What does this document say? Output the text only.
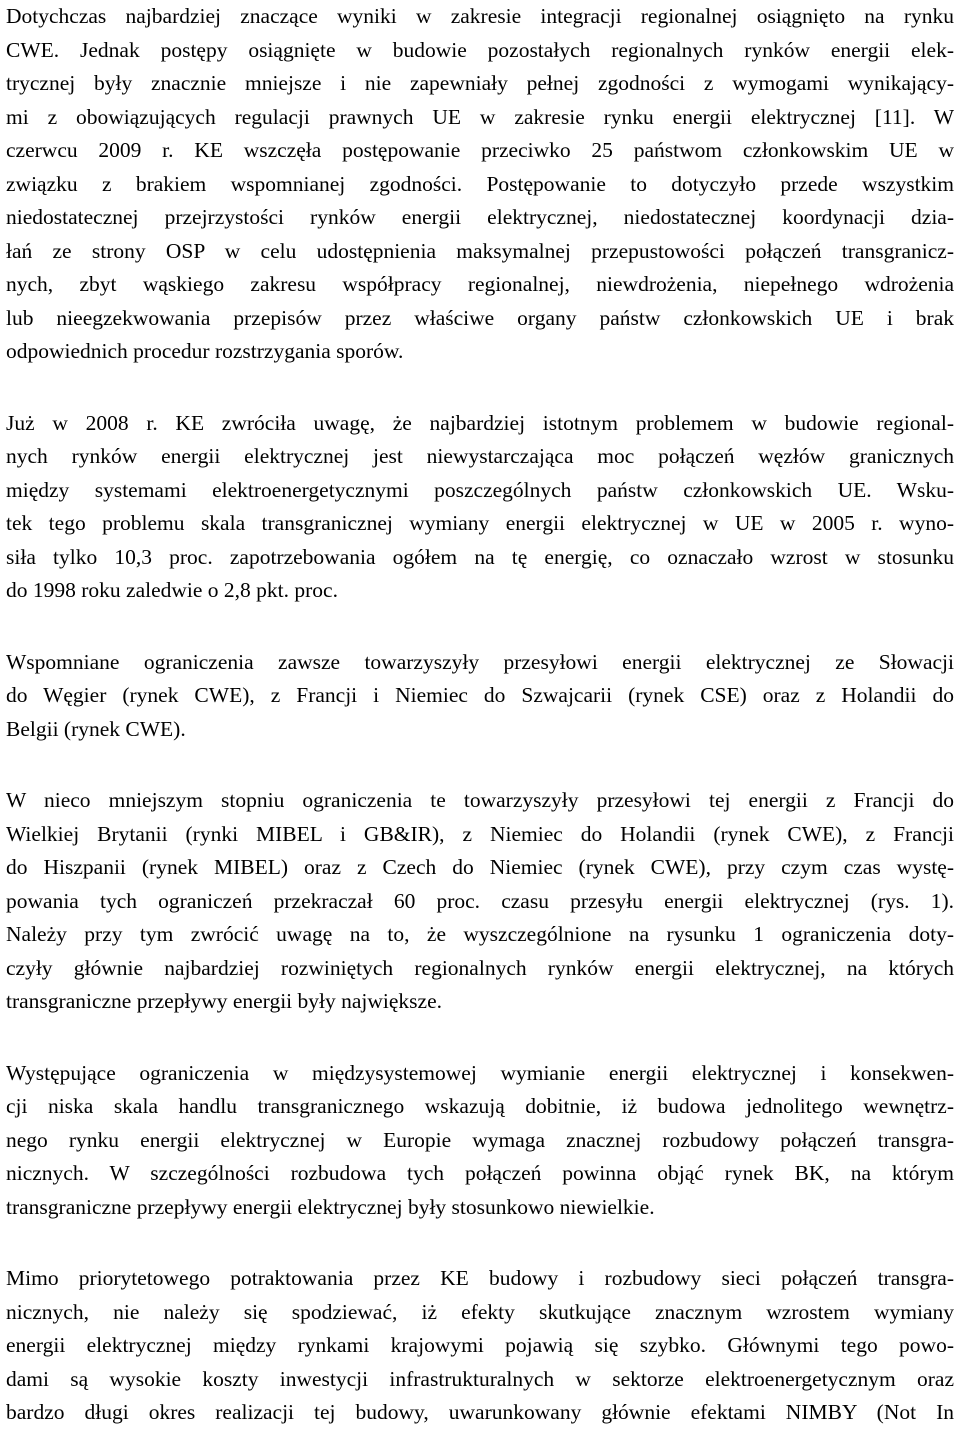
Dotychczas najbardziej znaczące wyniki w zakresie integracji regionalnej osiągnięto na rynku
CWE. Jednak postępy osiągnięte w budowie pozostałych regionalnych rynków energii elek-
trycznej były znacznie mniejsze i nie zapewniały pełnej zgodności z wymogami wynikający-
mi z obowiązujących regulacji prawnych UE w zakresie rynku energii elektrycznej [11]. W
czerwcu 2009 r. KE wszczęła postępowanie przeciwko 25 państwom członkowskim UE w
związku z brakiem wspomnianej zgodności. Postępowanie to dotyczyło przede wszystkim
niedostatecznej przejrzystości rynków energii elektrycznej, niedostatecznej koordynacji dzia-
łań ze strony OSP w celu udostępnienia maksymalnej przepustowości połączeń transgranicz-
nych, zbyt wąskiego zakresu współpracy regionalnej, niewdrożenia, niepełnego wdrożenia
lub nieegzekwowania przepisów przez właściwe organy państw członkowskich UE i brak
odpowiednich procedur rozstrzygania sporów.
Już w 2008 r. KE zwróciła uwagę, że najbardziej istotnym problemem w budowie regional-
nych rynków energii elektrycznej jest niewystarczająca moc połączeń węzłów granicznych
między systemami elektroenergetycznymi poszczególnych państw członkowskich UE. Wsku-
tek tego problemu skala transgranicznej wymiany energii elektrycznej w UE w 2005 r. wyno-
siła tylko 10,3 proc. zapotrzebowania ogółem na tę energię, co oznaczało wzrost w stosunku
do 1998 roku zaledwie o 2,8 pkt. proc.
Wspomniane ograniczenia zawsze towarzyszyły przesyłowi energii elektrycznej ze Słowacji
do Węgier (rynek CWE), z Francji i Niemiec do Szwajcarii (rynek CSE) oraz z Holandii do
Belgii (rynek CWE).
W nieco mniejszym stopniu ograniczenia te towarzyszyły przesyłowi tej energii z Francji do
Wielkiej Brytanii (rynki MIBEL i GB&IR), z Niemiec do Holandii (rynek CWE), z Francji
do Hiszpanii (rynek MIBEL) oraz z Czech do Niemiec (rynek CWE), przy czym czas wystę-
powania tych ograniczeń przekraczał 60 proc. czasu przesyłu energii elektrycznej (rys. 1).
Należy przy tym zwrócić uwagę na to, że wyszczególnione na rysunku 1 ograniczenia doty-
czyły głównie najbardziej rozwiniętych regionalnych rynków energii elektrycznej, na których
transgraniczne przepływy energii były największe.
Występujące ograniczenia w międzysystemowej wymianie energii elektrycznej i konsekwen-
cji niska skala handlu transgranicznego wskazują dobitnie, iż budowa jednolitego wewnętrz-
nego rynku energii elektrycznej w Europie wymaga znacznej rozbudowy połączeń transgra-
nicznych. W szczególności rozbudowa tych połączeń powinna objąć rynek BK, na którym
transgraniczne przepływy energii elektrycznej były stosunkowo niewielkie.
Mimo priorytetowego potraktowania przez KE budowy i rozbudowy sieci połączeń transgra-
nicznych, nie należy się spodziewać, iż efekty skutkujące znacznym wzrostem wymiany
energii elektrycznej między rynkami krajowymi pojawią się szybko. Głównymi tego powo-
dami są wysokie koszty inwestycji infrastrukturalnych w sektorze elektroenergetycznym oraz
bardzo długi okres realizacji tej budowy, uwarunkowany głównie efektami NIMBY (Not In
